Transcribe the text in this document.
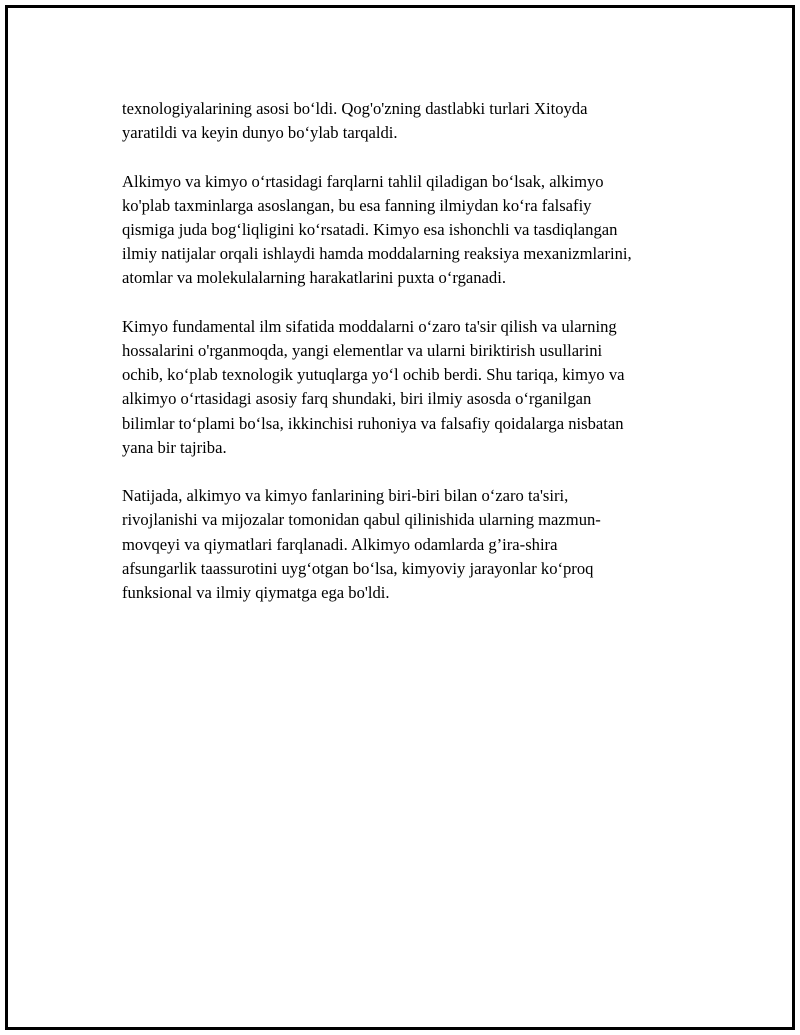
texnologiyalarining asosi bo‘ldi. Qog'o'zning dastlabki turlari Xitoyda
yaratildi va keyin dunyo bo‘ylab tarqaldi.

Alkimyo va kimyo o‘rtasidagi farqlarni tahlil qiladigan bo‘lsak, alkimyo
ko'plab taxminlarga asoslangan, bu esa fanning ilmiydan ko‘ra falsafiy
qismiga juda bog‘liqligini ko‘rsatadi. Kimyo esa ishonchli va tasdiqlangan
ilmiy natijalar orqali ishlaydi hamda moddalarning reaksiya mexanizmlarini,
atomlar va molekulalarning harakatlarini puxta o‘rganadi.

Kimyo fundamental ilm sifatida moddalarni o‘zaro ta'sir qilish va ularning
hossalarini o'rganmoqda, yangi elementlar va ularni biriktirish usullarini
ochib, ko‘plab texnologik yutuqlarga yo‘l ochib berdi. Shu tariqa, kimyo va
alkimyo o‘rtasidagi asosiy farq shundaki, biri ilmiy asosda o‘rganilgan
bilimlar to‘plami bo‘lsa, ikkinchisi ruhoniya va falsafiy qoidalarga nisbatan
yana bir tajriba.

Natijada, alkimyo va kimyo fanlarining biri-biri bilan o‘zaro ta'siri,
rivojlanishi va mijozalar tomonidan qabul qilinishida ularning mazmun-
movqeyi va qiymatlari farqlanadi. Alkimyo odamlarda g’ira-shira
afsungarlik taassurotini uyg‘otgan bo‘lsa, kimyoviy jarayonlar ko‘proq
funksional va ilmiy qiymatga ega bo'ldi.
